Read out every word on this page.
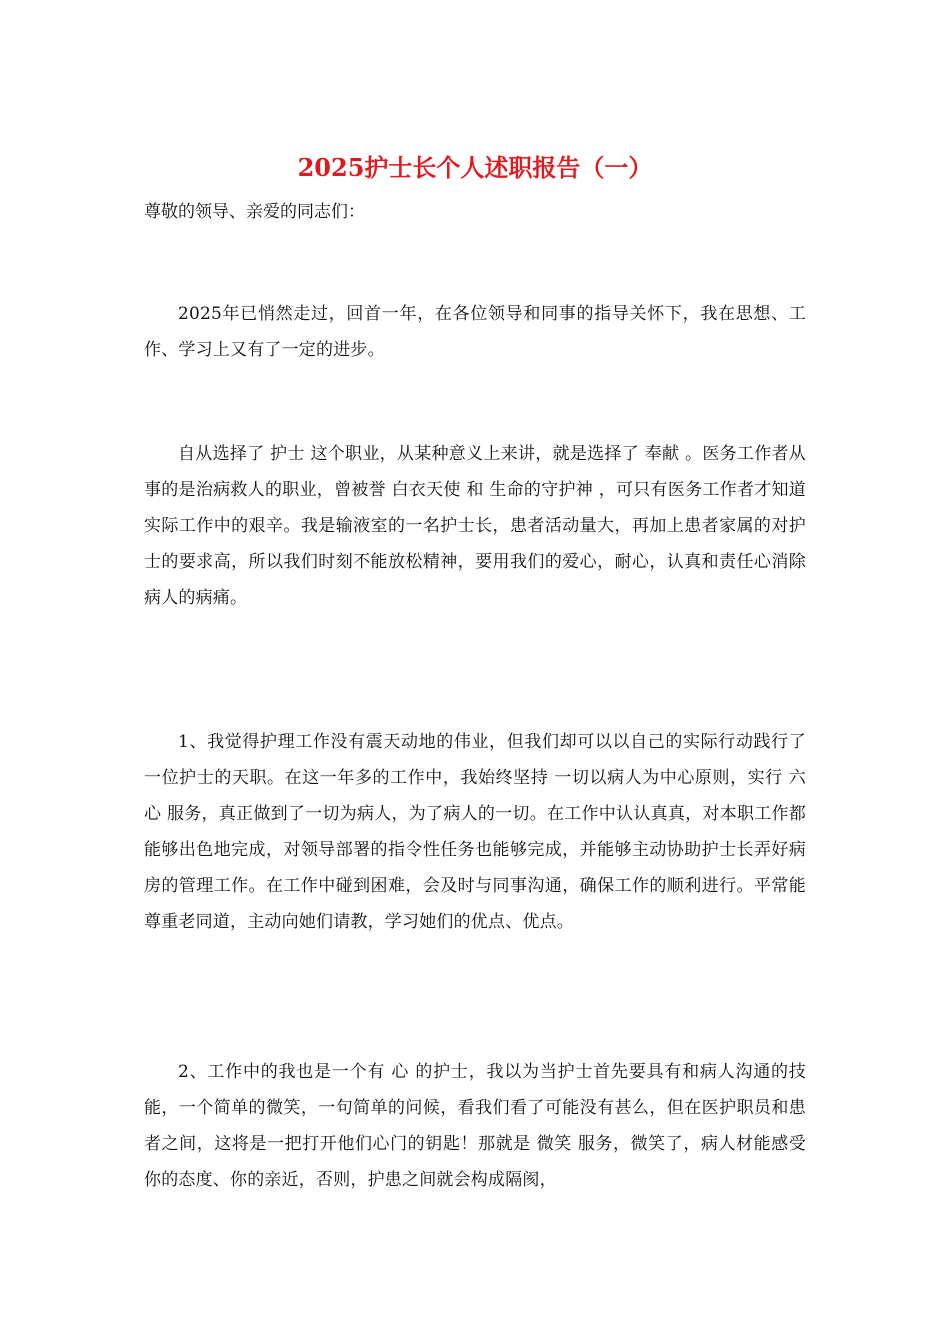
2025护士长个人述职报告（一）

尊敬的领导、亲爱的同志们：

2025年已悄然走过，回首一年，在各位领导和同事的指导关怀下，我在思想、工作、学习上又有了一定的进步。

自从选择了 护士 这个职业，从某种意义上来讲，就是选择了 奉献 。医务工作者从事的是治病救人的职业，曾被誉 白衣天使 和 生命的守护神 ，可只有医务工作者才知道实际工作中的艰辛。我是输液室的一名护士长，患者活动量大，再加上患者家属的对护士的要求高，所以我们时刻不能放松精神，要用我们的爱心，耐心，认真和责任心消除病人的病痛。

1、我觉得护理工作没有震天动地的伟业，但我们却可以以自己的实际行动践行了一位护士的天职。在这一年多的工作中，我始终坚持 一切以病人为中心原则，实行 六心 服务，真正做到了一切为病人，为了病人的一切。在工作中认认真真，对本职工作都能够出色地完成，对领导部署的指令性任务也能够完成，并能够主动协助护士长弄好病房的管理工作。在工作中碰到困难，会及时与同事沟通，确保工作的顺利进行。平常能尊重老同道，主动向她们请教，学习她们的优点、优点。

2、工作中的我也是一个有 心 的护士，我以为当护士首先要具有和病人沟通的技能，一个简单的微笑，一句简单的问候，看我们看了可能没有甚么，但在医护职员和患者之间，这将是一把打开他们心门的钥匙！那就是 微笑 服务，微笑了，病人材能感受你的态度、你的亲近，否则，护患之间就会构成隔阂，
